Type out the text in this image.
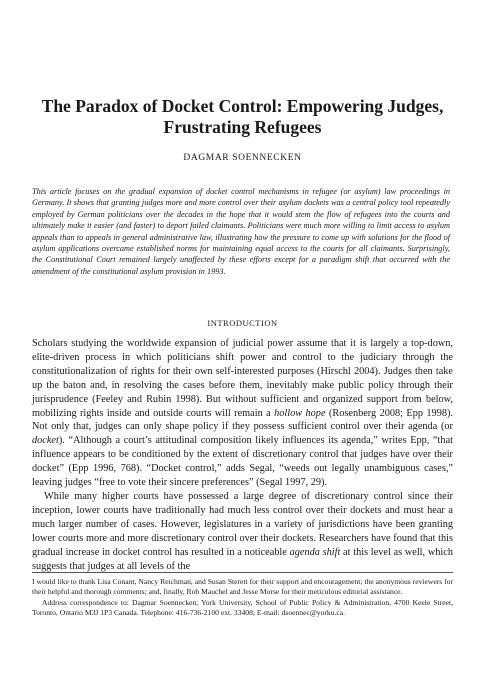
The Paradox of Docket Control: Empowering Judges, Frustrating Refugees
DAGMAR SOENNECKEN

This article focuses on the gradual expansion of docket control mechanisms in refugee (or asylum) law proceedings in Germany. It shows that granting judges more and more control over their asylum dockets was a central policy tool repeatedly employed by German politicians over the decades in the hope that it would stem the flow of refugees into the courts and ultimately make it easier (and faster) to deport failed claimants. Politicians were much more willing to limit access to asylum appeals than to appeals in general administrative law, illustrating how the pressure to come up with solutions for the flood of asylum applications overcame established norms for maintaining equal access to the courts for all claimants. Surprisingly, the Constitutional Court remained largely unaffected by these efforts except for a paradigm shift that occurred with the amendment of the constitutional asylum provision in 1993.

INTRODUCTION

Scholars studying the worldwide expansion of judicial power assume that it is largely a top-down, elite-driven process in which politicians shift power and control to the judiciary through the constitutionalization of rights for their own self-interested purposes (Hirschl 2004). Judges then take up the baton and, in resolving the cases before them, inevitably make public policy through their jurisprudence (Feeley and Rubin 1998). But without sufficient and organized support from below, mobilizing rights inside and outside courts will remain a hollow hope (Rosenberg 2008; Epp 1998). Not only that, judges can only shape policy if they possess sufficient control over their agenda (or docket). “Although a court’s attitudinal composition likely influences its agenda,” writes Epp, “that influence appears to be conditioned by the extent of discretionary control that judges have over their docket” (Epp 1996, 768). “Docket control,” adds Segal, “weeds out legally unambiguous cases,” leaving judges “free to vote their sincere preferences” (Segal 1997, 29).

While many higher courts have possessed a large degree of discretionary control since their inception, lower courts have traditionally had much less control over their dockets and must hear a much larger number of cases. However, legislatures in a variety of jurisdictions have been granting lower courts more and more discretionary control over their dockets. Researchers have found that this gradual increase in docket control has resulted in a noticeable agenda shift at this level as well, which suggests that judges at all levels of the

I would like to thank Lisa Conant, Nancy Reichman, and Susan Sterett for their support and encouragement; the anonymous reviewers for their helpful and thorough comments; and, finally, Rob Mauchel and Jesse Morse for their meticulous editorial assistance.

Address correspondence to: Dagmar Soennecken, York University, School of Public Policy & Administration, 4700 Keele Street, Toronto, Ontario M3J 1P3 Canada. Telephone: 416-736-2100 ext. 33408; E-mail: dsoennec@yorku.ca.
